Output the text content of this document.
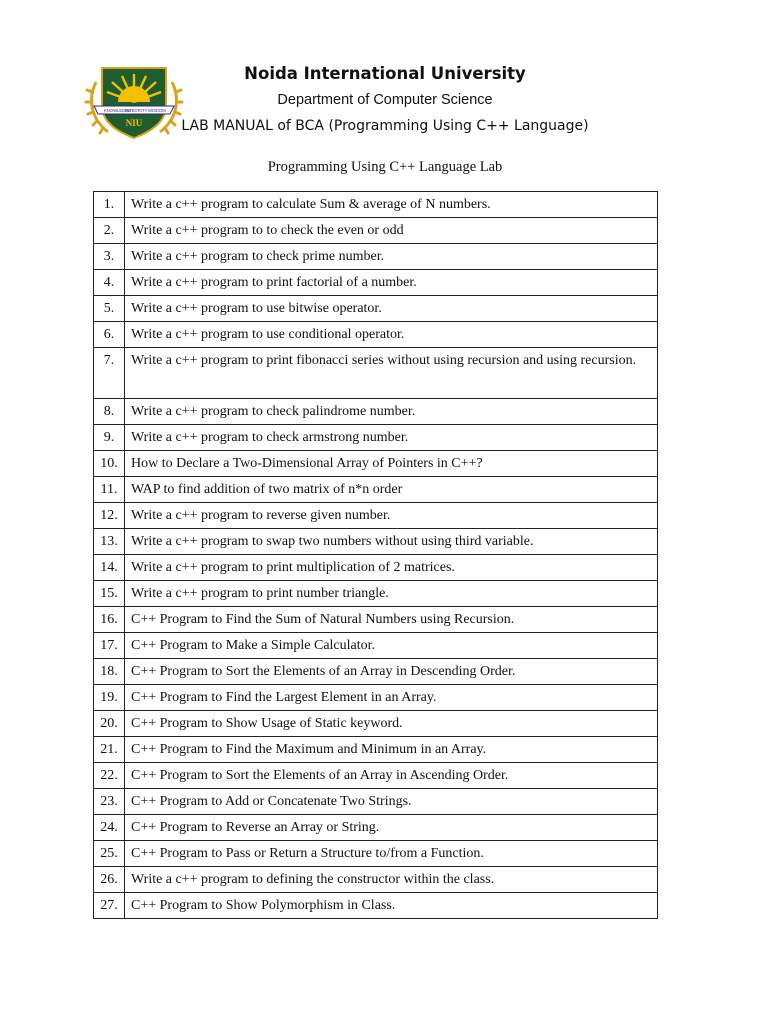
KNOWLEDGE
INTEGRITY WISDOM
NIU
Noida International University
Department of Computer Science
LAB MANUAL of BCA (Programming Using C++ Language)
Programming Using C++ Language Lab
1.	Write a c++ program to calculate Sum & average of N numbers.
2.	Write a c++ program to to check the even or odd
3.	Write a c++ program to check prime number.
4.	Write a c++ program to print factorial of a number.
5.	Write a c++ program to use bitwise operator.
6.	Write a c++ program to use conditional operator.
7.	Write a c++ program to print fibonacci series without using recursion and using recursion.
8.	Write a c++ program to check palindrome number.
9.	Write a c++ program to check armstrong number.
10.	How to Declare a Two-Dimensional Array of Pointers in C++?
11.	WAP to find addition of two matrix of n*n order
12.	Write a c++ program to reverse given number.
13.	Write a c++ program to swap two numbers without using third variable.
14.	Write a c++ program to print multiplication of 2 matrices.
15.	Write a c++ program to print number triangle.
16.	C++ Program to Find the Sum of Natural Numbers using Recursion.
17.	C++ Program to Make a Simple Calculator.
18.	C++ Program to Sort the Elements of an Array in Descending Order.
19.	C++ Program to Find the Largest Element in an Array.
20.	C++ Program to Show Usage of Static keyword.
21.	C++ Program to Find the Maximum and Minimum in an Array.
22.	C++ Program to Sort the Elements of an Array in Ascending Order.
23.	C++ Program to Add or Concatenate Two Strings.
24.	C++ Program to Reverse an Array or String.
25.	C++ Program to Pass or Return a Structure to/from a Function.
26.	Write a c++ program to defining the constructor within the class.
27.	C++ Program to Show Polymorphism in Class.
